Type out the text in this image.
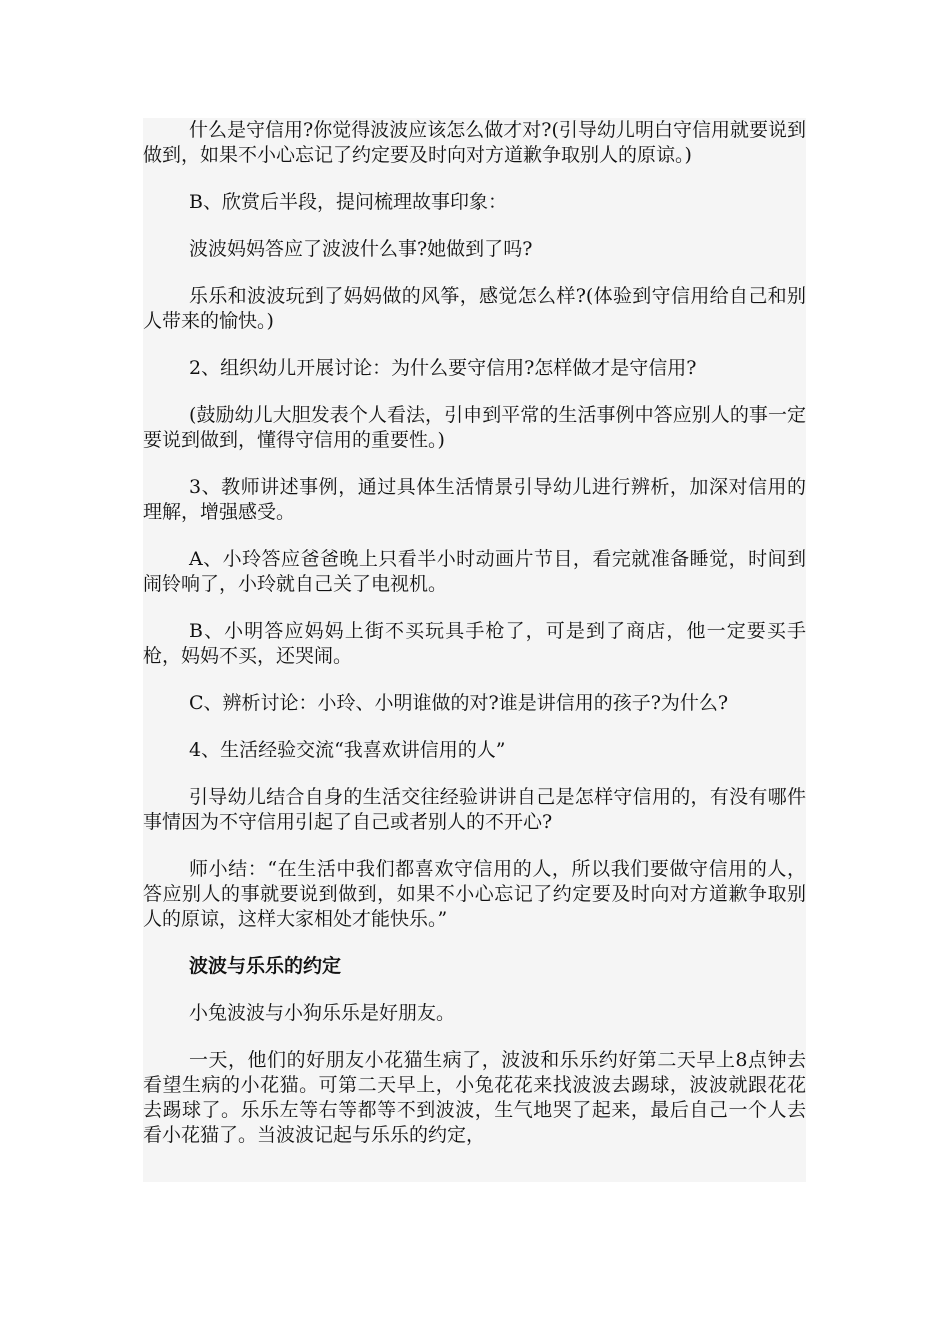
什么是守信用?你觉得波波应该怎么做才对?(引导幼儿明白守信用就要说到做到，如果不小心忘记了约定要及时向对方道歉争取别人的原谅。)

B、欣赏后半段，提问梳理故事印象：

波波妈妈答应了波波什么事?她做到了吗?

乐乐和波波玩到了妈妈做的风筝，感觉怎么样?(体验到守信用给自己和别人带来的愉快。)

2、组织幼儿开展讨论：为什么要守信用?怎样做才是守信用?

(鼓励幼儿大胆发表个人看法，引申到平常的生活事例中答应别人的事一定要说到做到，懂得守信用的重要性。)

3、教师讲述事例，通过具体生活情景引导幼儿进行辨析，加深对信用的理解，增强感受。

A、小玲答应爸爸晚上只看半小时动画片节目，看完就准备睡觉，时间到闹铃响了，小玲就自己关了电视机。

B、小明答应妈妈上街不买玩具手枪了，可是到了商店，他一定要买手枪，妈妈不买，还哭闹。

C、辨析讨论：小玲、小明谁做的对?谁是讲信用的孩子?为什么?

4、生活经验交流“我喜欢讲信用的人”

引导幼儿结合自身的生活交往经验讲讲自己是怎样守信用的，有没有哪件事情因为不守信用引起了自己或者别人的不开心?

师小结：“在生活中我们都喜欢守信用的人，所以我们要做守信用的人，答应别人的事就要说到做到，如果不小心忘记了约定要及时向对方道歉争取别人的原谅，这样大家相处才能快乐。”

波波与乐乐的约定

小兔波波与小狗乐乐是好朋友。

一天，他们的好朋友小花猫生病了，波波和乐乐约好第二天早上8点钟去看望生病的小花猫。可第二天早上，小兔花花来找波波去踢球，波波就跟花花去踢球了。乐乐左等右等都等不到波波，生气地哭了起来，最后自己一个人去看小花猫了。当波波记起与乐乐的约定，
